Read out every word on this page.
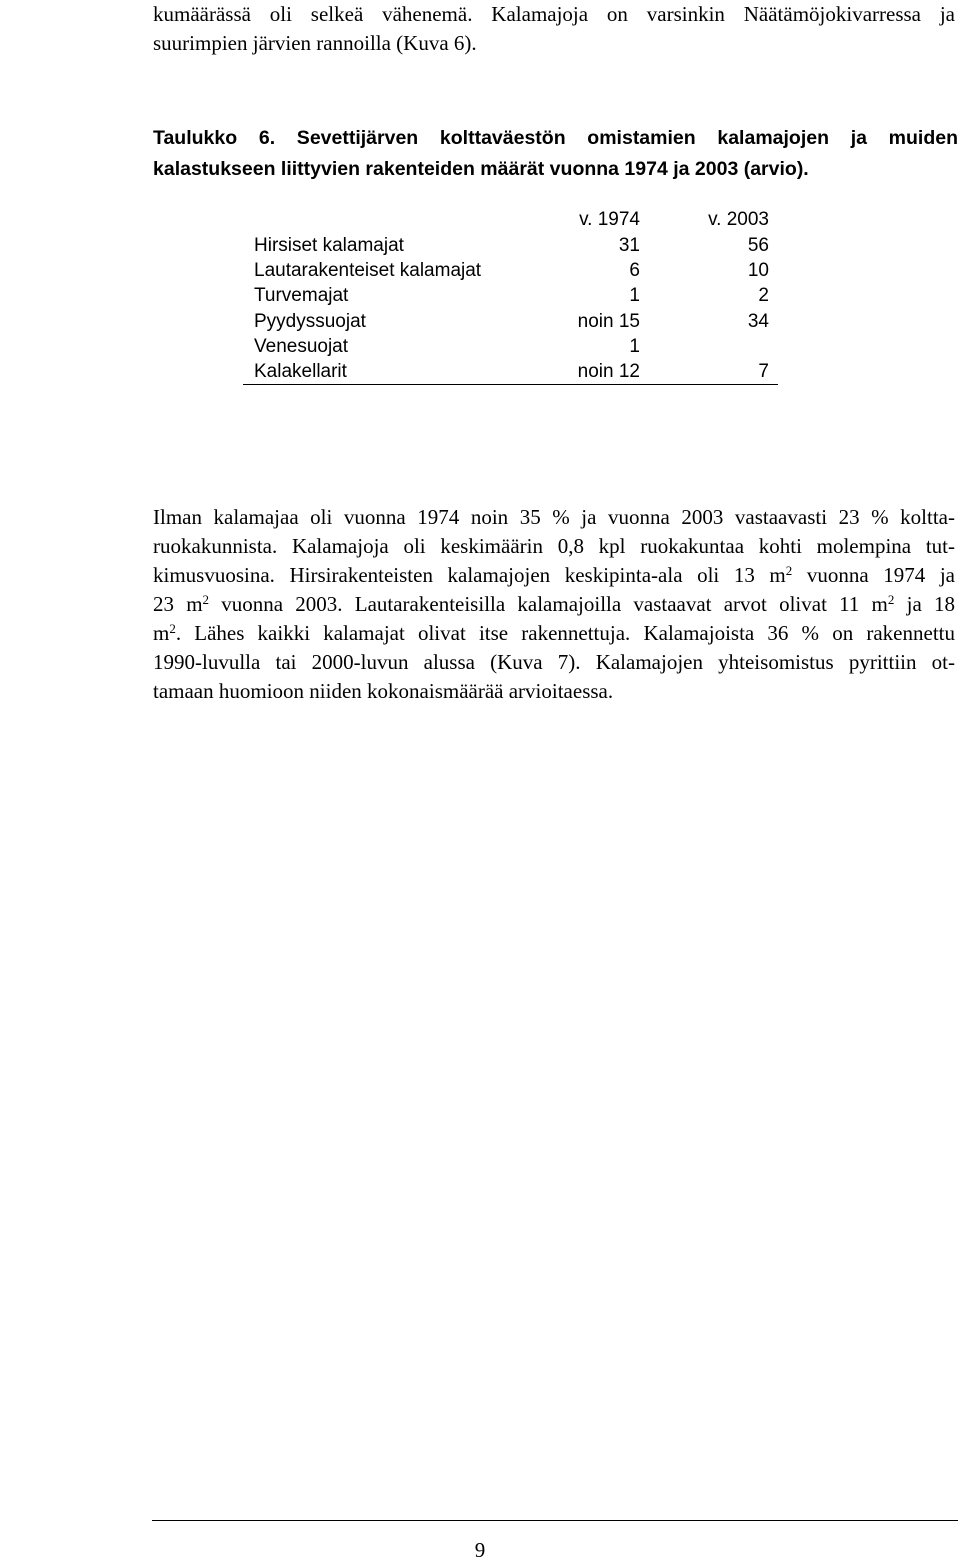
kumäärässä oli selkeä vähenemä. Kalamajoja on varsinkin Näätämöjokivarressa ja
suurimpien järvien rannoilla (Kuva 6).
Taulukko 6. Sevettijärven kolttaväestön omistamien kalamajojen ja muiden
kalastukseen liittyvien rakenteiden määrät vuonna 1974 ja 2003 (arvio).
	v. 1974	v. 2003
Hirsiset kalamajat	31	56
Lautarakenteiset kalamajat	6	10
Turvemajat	1	2
Pyydyssuojat	noin 15	34
Venesuojat	1	
Kalakellarit	noin 12	7
Ilman kalamajaa oli vuonna 1974 noin 35 % ja vuonna 2003 vastaavasti 23 % koltta-
ruokakunnista. Kalamajoja oli keskimäärin 0,8 kpl ruokakuntaa kohti molempina tut-
kimusvuosina. Hirsirakenteisten kalamajojen keskipinta-ala oli 13 $m^2$ vuonna 1974 ja
23 $m^2$ vuonna 2003. Lautarakenteisilla kalamajoilla vastaavat arvot olivat 11 $m^2$ ja 18
$m^2$. Lähes kaikki kalamajat olivat itse rakennettuja. Kalamajoista 36 % on rakennettu
1990-luvulla tai 2000-luvun alussa (Kuva 7). Kalamajojen yhteisomistus pyrittiin ot-
tamaan huomioon niiden kokonaismäärää arvioitaessa.
9
